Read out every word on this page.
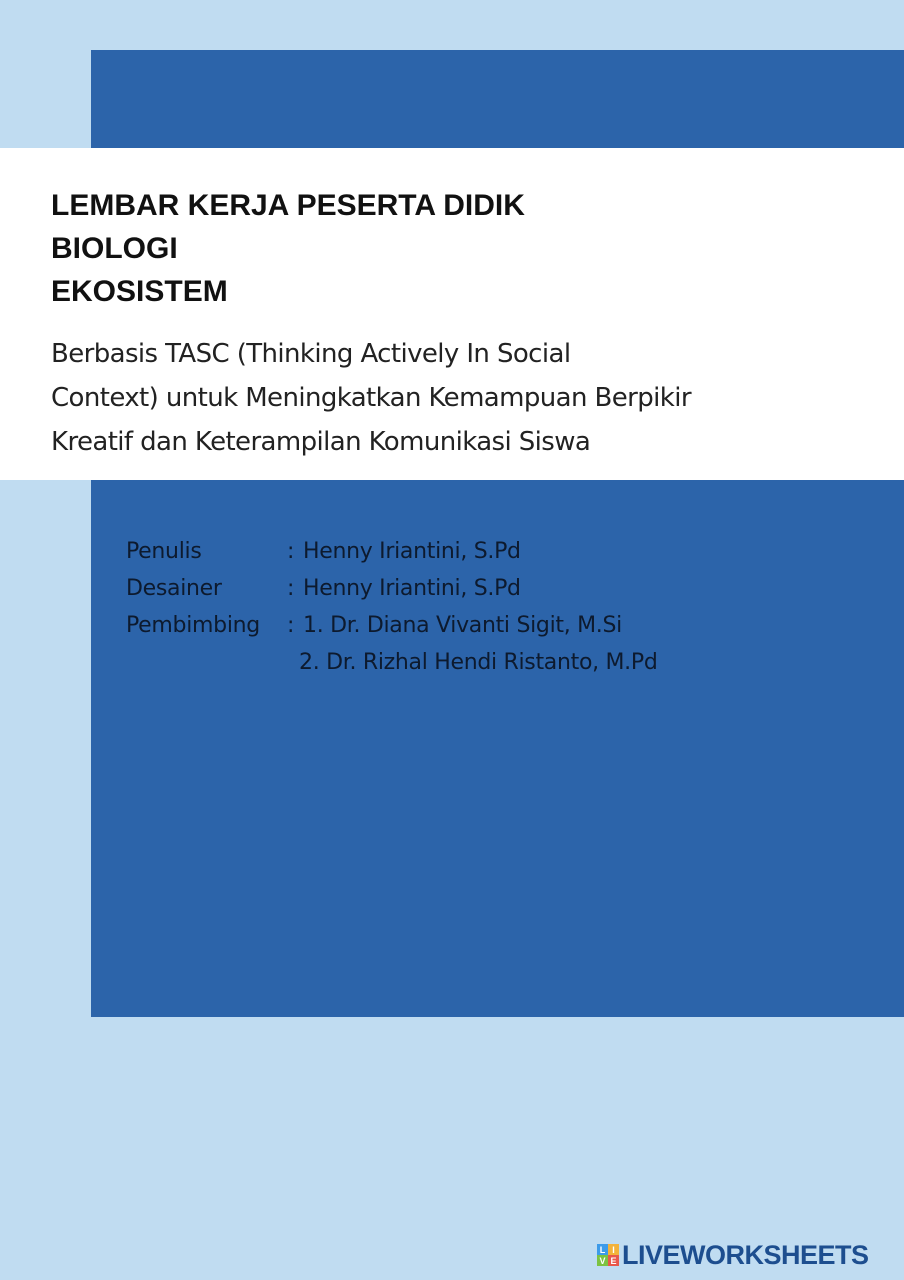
LEMBAR KERJA PESERTA DIDIK
BIOLOGI
EKOSISTEM
Berbasis TASC (Thinking Actively In Social
Context) untuk Meningkatkan Kemampuan Berpikir
Kreatif dan Keterampilan Komunikasi Siswa
Penulis	: Henny Iriantini, S.Pd
Desainer	: Henny Iriantini, S.Pd
Pembimbing	: 1. Dr. Diana Vivanti Sigit, M.Si
2. Dr. Rizhal Hendi Ristanto, M.Pd
L I
V E LIVEWORKSHEETS
